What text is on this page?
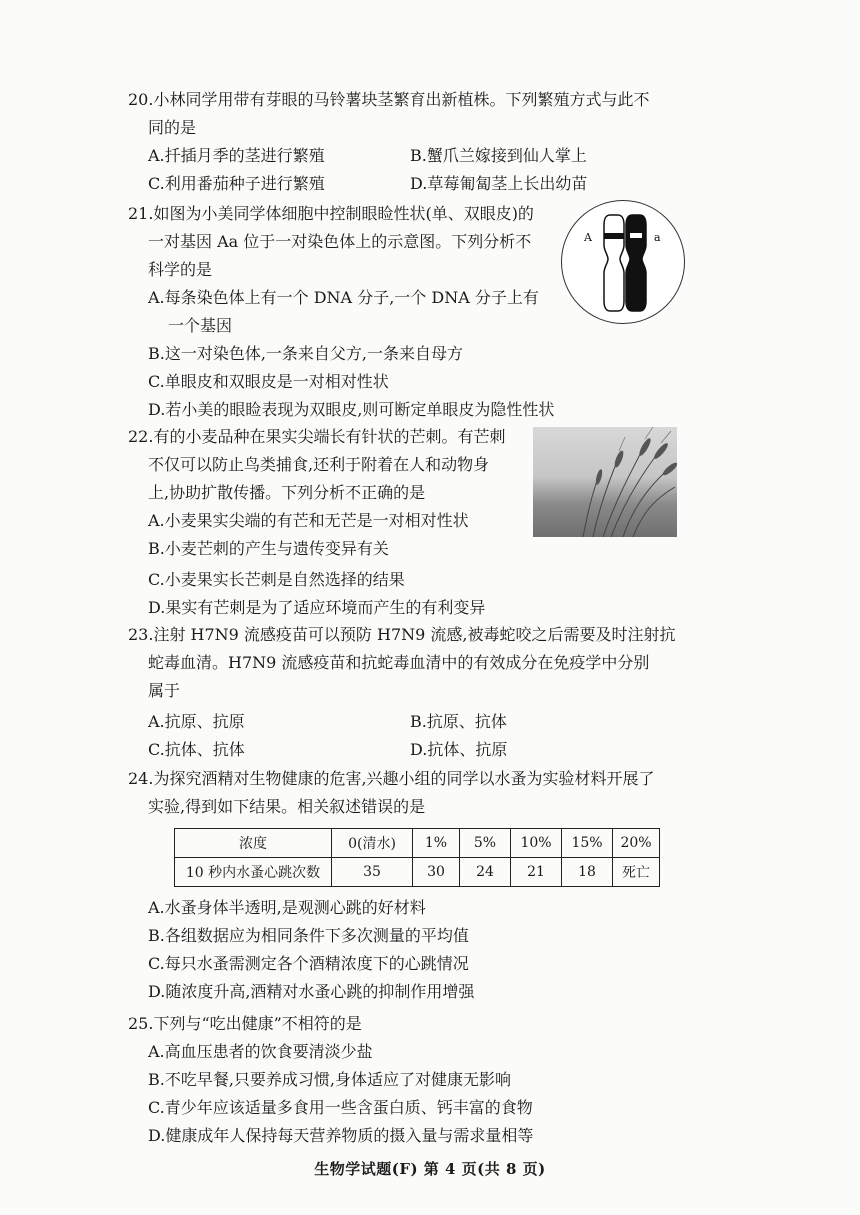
20.小林同学用带有芽眼的马铃薯块茎繁育出新植株。下列繁殖方式与此不
同的是
A.扦插月季的茎进行繁殖	B.蟹爪兰嫁接到仙人掌上
C.利用番茄种子进行繁殖	D.草莓匍匐茎上长出幼苗
21.如图为小美同学体细胞中控制眼睑性状(单、双眼皮)的
一对基因 Aa 位于一对染色体上的示意图。下列分析不
科学的是
A.每条染色体上有一个 DNA 分子,一个 DNA 分子上有
一个基因
B.这一对染色体,一条来自父方,一条来自母方
C.单眼皮和双眼皮是一对相对性状
D.若小美的眼睑表现为双眼皮,则可断定单眼皮为隐性性状
A	a
22.有的小麦品种在果实尖端长有针状的芒刺。有芒刺
不仅可以防止鸟类捕食,还利于附着在人和动物身
上,协助扩散传播。下列分析不正确的是
A.小麦果实尖端的有芒和无芒是一对相对性状
B.小麦芒刺的产生与遗传变异有关
C.小麦果实长芒刺是自然选择的结果
D.果实有芒刺是为了适应环境而产生的有利变异
23.注射 H7N9 流感疫苗可以预防 H7N9 流感,被毒蛇咬之后需要及时注射抗
蛇毒血清。H7N9 流感疫苗和抗蛇毒血清中的有效成分在免疫学中分别
属于
A.抗原、抗原	B.抗原、抗体
C.抗体、抗体	D.抗体、抗原
24.为探究酒精对生物健康的危害,兴趣小组的同学以水蚤为实验材料开展了
实验,得到如下结果。相关叙述错误的是
浓度	0(清水)	1%	5%	10%	15%	20%
10 秒内水蚤心跳次数	35	30	24	21	18	死亡
A.水蚤身体半透明,是观测心跳的好材料
B.各组数据应为相同条件下多次测量的平均值
C.每只水蚤需测定各个酒精浓度下的心跳情况
D.随浓度升高,酒精对水蚤心跳的抑制作用增强
25.下列与“吃出健康”不相符的是
A.高血压患者的饮食要清淡少盐
B.不吃早餐,只要养成习惯,身体适应了对健康无影响
C.青少年应该适量多食用一些含蛋白质、钙丰富的食物
D.健康成年人保持每天营养物质的摄入量与需求量相等
生物学试题(F) 第 4 页(共 8 页)
